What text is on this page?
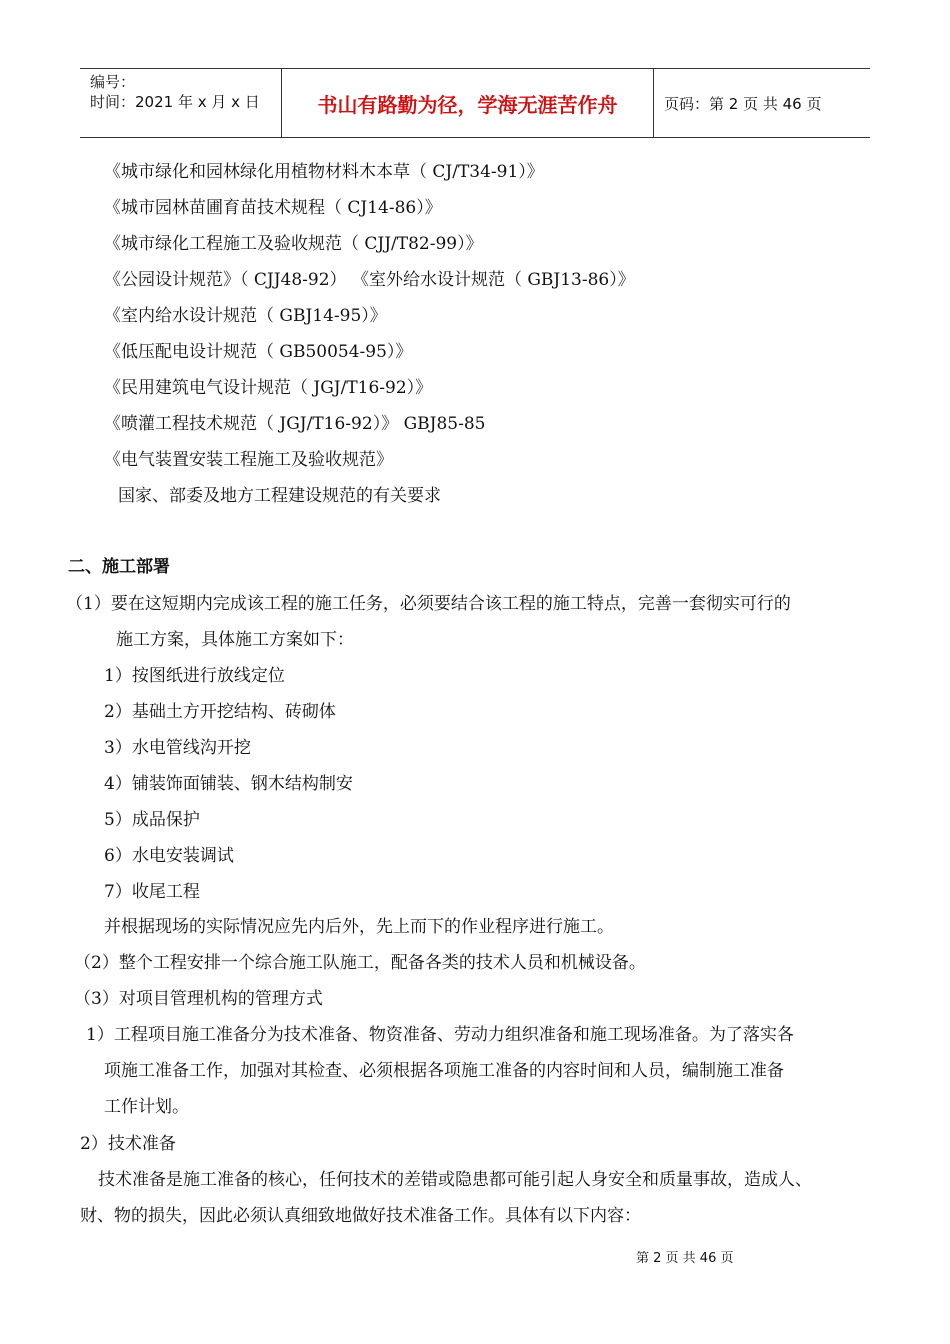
编号：
时间：2021 年 x 月 x 日	书山有路勤为径，学海无涯苦作舟	页码：第 2 页 共 46 页
《城市绿化和园林绿化用植物材料木本草（ CJ/T34-91）》
《城市园林苗圃育苗技术规程（ CJ14-86）》
《城市绿化工程施工及验收规范（ CJJ/T82-99）》
《公园设计规范》（ CJJ48-92） 《室外给水设计规范（ GBJ13-86）》
《室内给水设计规范（ GBJ14-95）》
《低压配电设计规范（ GB50054-95）》
《民用建筑电气设计规范（ JGJ/T16-92）》
《喷灌工程技术规范（ JGJ/T16-92）》 GBJ85-85
《电气装置安装工程施工及验收规范》
国家、部委及地方工程建设规范的有关要求
二、施工部署
（1）要在这短期内完成该工程的施工任务，必须要结合该工程的施工特点，完善一套彻实可行的
施工方案，具体施工方案如下：
1）按图纸进行放线定位
2）基础土方开挖结构、砖砌体
3）水电管线沟开挖
4）铺装饰面铺装、钢木结构制安
5）成品保护
6）水电安装调试
7）收尾工程
并根据现场的实际情况应先内后外，先上而下的作业程序进行施工。
（2）整个工程安排一个综合施工队施工，配备各类的技术人员和机械设备。
（3）对项目管理机构的管理方式
1）工程项目施工准备分为技术准备、物资准备、劳动力组织准备和施工现场准备。为了落实各
项施工准备工作，加强对其检查、必须根据各项施工准备的内容时间和人员，编制施工准备
工作计划。
2）技术准备
技术准备是施工准备的核心，任何技术的差错或隐患都可能引起人身安全和质量事故，造成人、
财、物的损失，因此必须认真细致地做好技术准备工作。具体有以下内容：
第 2 页 共 46 页
